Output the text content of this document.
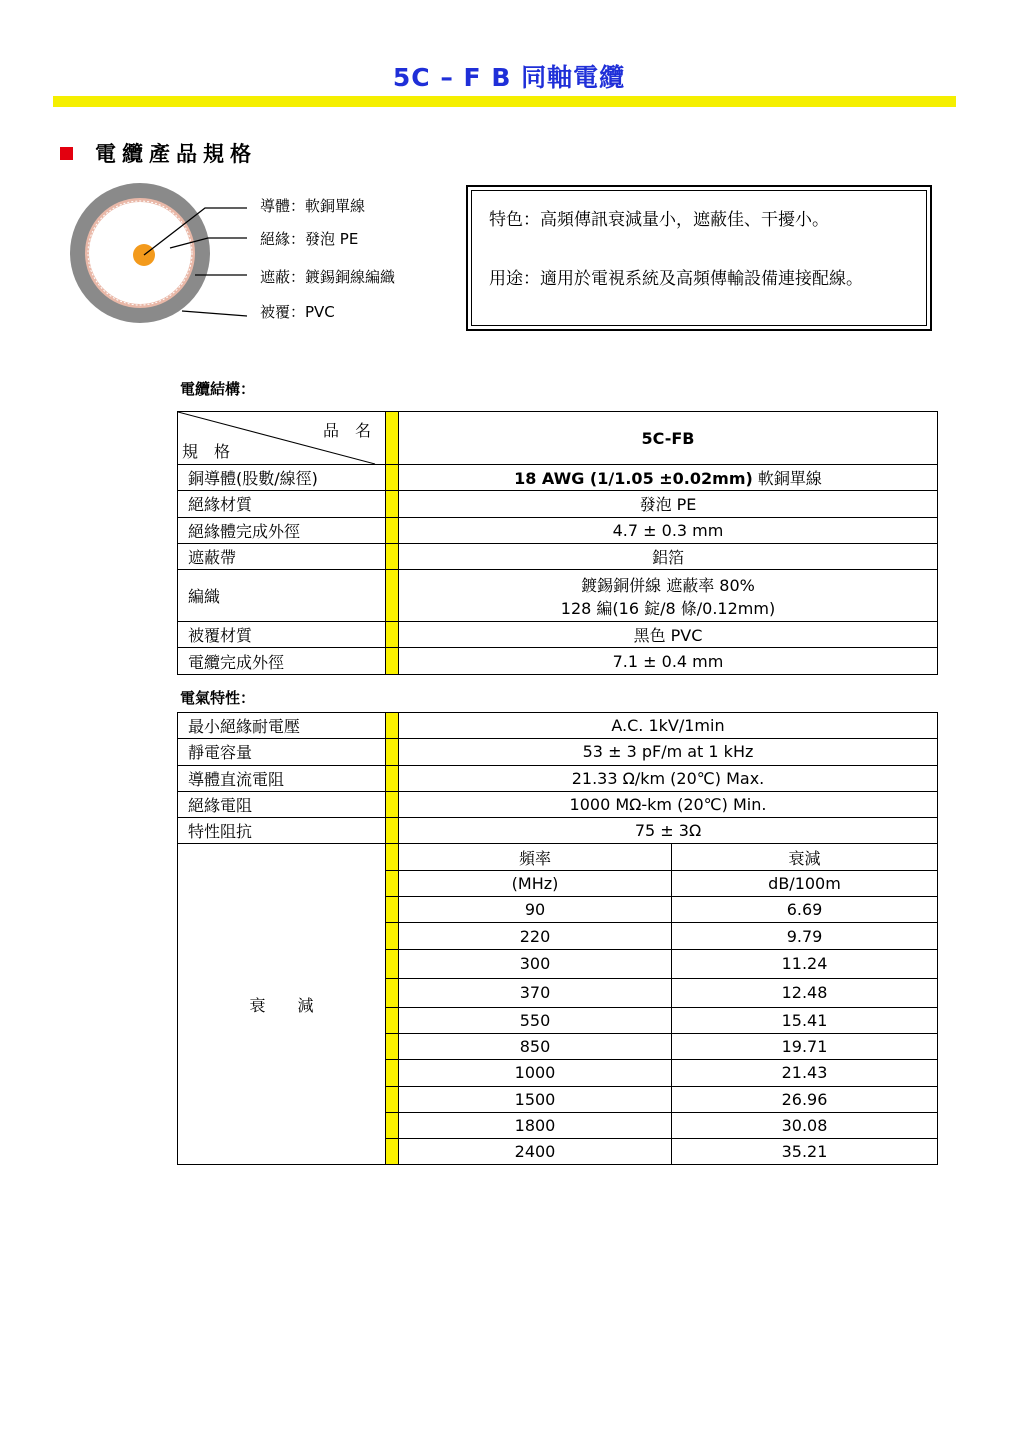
5C – F B 同軸電纜
電纜產品規格
導體：軟銅單線
絕緣：發泡 PE
遮蔽：鍍錫銅線編織
被覆：PVC
特色：高頻傳訊衰減量小，遮蔽佳、干擾小。
用途：適用於電視系統及高頻傳輸設備連接配線。
電纜結構：
品　名
規　格		5C-FB
銅導體(股數/線徑)		18 AWG (1/1.05 ±0.02mm) 軟銅單線
絕緣材質		發泡 PE
絕緣體完成外徑		4.7 ± 0.3 mm
遮蔽帶		鋁箔
編織		鍍錫銅併線 遮蔽率 80%
128 編(16 錠/8 條/0.12mm)

被覆材質		黑色 PVC
電纜完成外徑		7.1 ± 0.4 mm
電氣特性：
最小絕緣耐電壓		A.C. 1kV/1min	
靜電容量		53 ± 3 pF/m at 1 kHz	
導體直流電阻		21.33 Ω/km (20℃) Max.	
絕緣電阻		1000 MΩ-km (20℃) Min.	
特性阻抗		75 ± 3Ω	
衰　　減		頻率	衰減
		(MHz)	dB/100m
		90	6.69
		220	9.79
		300	11.24
		370	12.48
		550	15.41
		850	19.71
		1000	21.43
		1500	26.96
		1800	30.08
		2400	35.21
